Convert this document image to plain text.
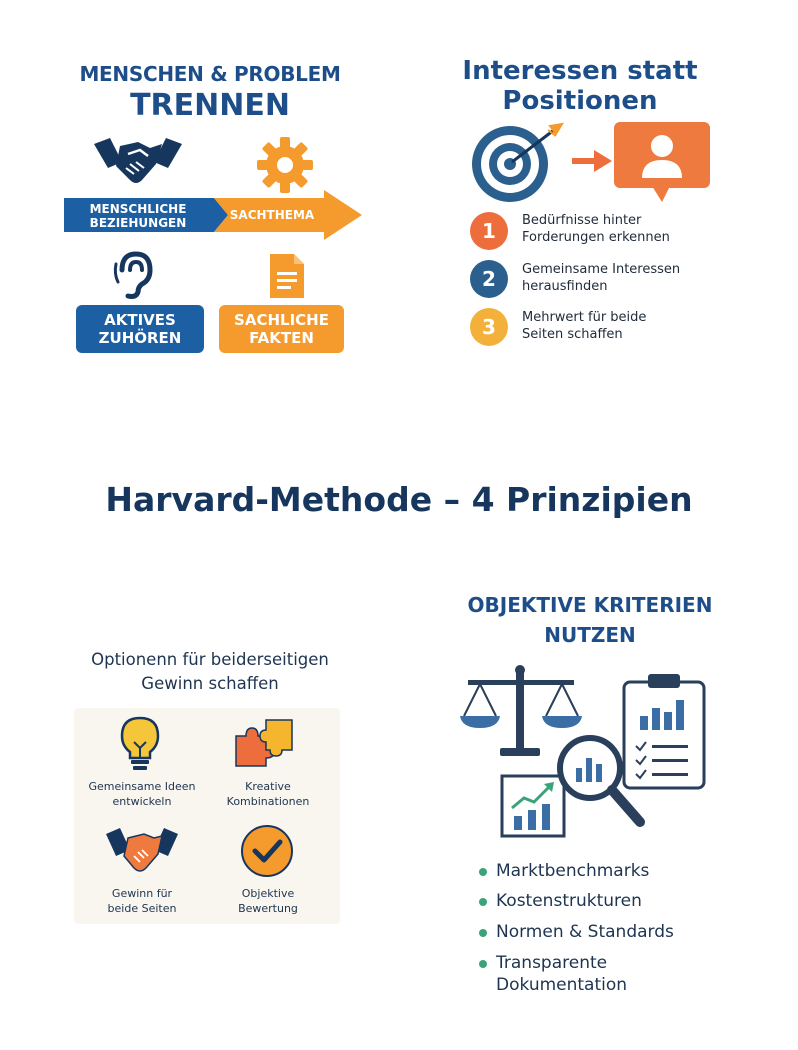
MENSCHEN & PROBLEM
TRENNEN
MENSCHLICHE
BEZIEHUNGEN
SACHTHEMA
AKTIVES
ZUHÖREN
SACHLICHE
FAKTEN
Interessen statt
Positionen
1	Bedürfnisse hinter
Forderungen erkennen
2	Gemeinsame Interessen
herausfinden
3	Mehrwert für beide
Seiten schaffen
Harvard-Methode – 4 Prinzipien
Optionenn für beiderseitigen
Gewinn schaffen
Gemeinsame Ideen
entwickeln
Kreative
Kombinationen
Gewinn für
beide Seiten
Objektive
Bewertung
OBJEKTIVE KRITERIEN
NUTZEN
Marktbenchmarks
Kostenstrukturen
Normen & Standards
Transparente
Dokumentation
